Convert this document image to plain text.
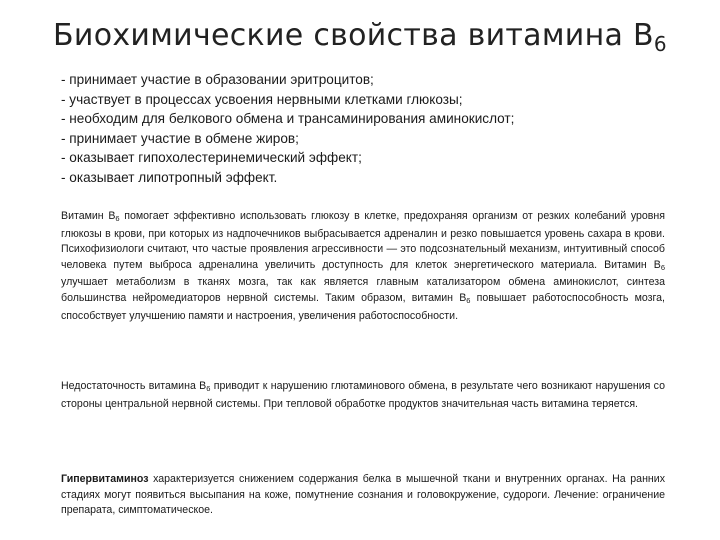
Биохимические свойства витамина $В_6$
- принимает участие в образовании эритроцитов;
- участвует в процессах усвоения нервными клетками глюкозы;
- необходим для белкового обмена и трансаминирования аминокислот;
- принимает участие в обмене жиров;
- оказывает гипохолестеринемический эффект;
- оказывает липотропный эффект.

Витамин $В_6$ помогает эффективно использовать глюкозу в клетке, предохраняя организм от резких колебаний уровня глюкозы в крови, при которых из надпочечников выбрасывается адреналин и резко повышается уровень сахара в крови. Психофизиологи считают, что частые проявления агрессивности — это подсознательный механизм, интуитивный способ человека путем выброса адреналина увеличить доступность для клеток энергетического материала. Витамин $В_6$ улучшает метаболизм в тканях мозга, так как является главным катализатором обмена аминокислот, синтеза большинства нейромедиаторов нервной системы. Таким образом, витамин $В_6$ повышает работоспособность мозга, способствует улучшению памяти и настроения, увеличения работоспособности.

Недостаточность витамина $В_6$ приводит к нарушению глютаминового обмена, в результате чего возникают нарушения со стороны центральной нервной системы. При тепловой обработке продуктов значительная часть витамина теряется.

Гипервитаминоз характеризуется снижением содержания белка в мышечной ткани и внутренних органах. На ранних стадиях могут появиться высыпания на коже, помутнение сознания и головокружение, судороги. Лечение: ограничение препарата, симптоматическое.
